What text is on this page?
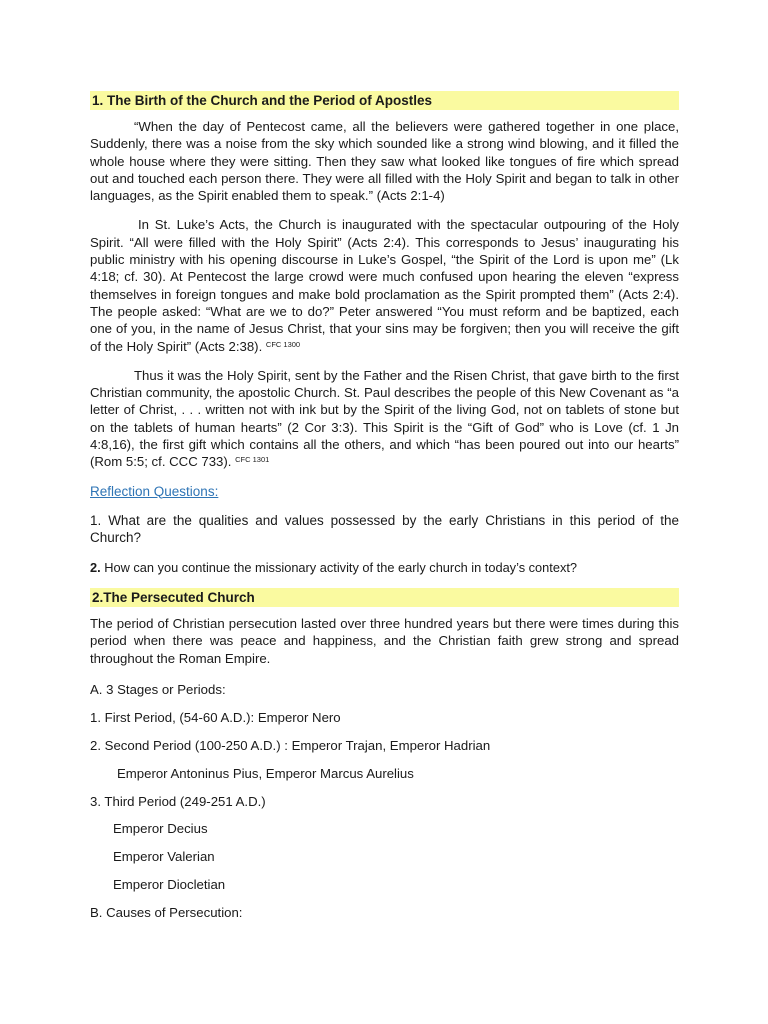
1. The Birth of the Church and the Period of Apostles

“When the day of Pentecost came, all the believers were gathered together in one place, Suddenly, there was a noise from the sky which sounded like a strong wind blowing, and it filled the whole house where they were sitting. Then they saw what looked like tongues of fire which spread out and touched each person there. They were all filled with the Holy Spirit and began to talk in other languages, as the Spirit enabled them to speak.” (Acts 2:1-4)

In St. Luke’s Acts, the Church is inaugurated with the spectacular outpouring of the Holy Spirit. “All were filled with the Holy Spirit” (Acts 2:4). This corresponds to Jesus’ inaugurating his public ministry with his opening discourse in Luke’s Gospel, “the Spirit of the Lord is upon me” (Lk 4:18; cf. 30). At Pentecost the large crowd were much confused upon hearing the eleven “express themselves in foreign tongues and make bold proclamation as the Spirit prompted them” (Acts 2:4). The people asked: “What are we to do?” Peter answered “You must reform and be baptized, each one of you, in the name of Jesus Christ, that your sins may be forgiven; then you will receive the gift of the Holy Spirit” (Acts 2:38). $^{CFC 1300}$

Thus it was the Holy Spirit, sent by the Father and the Risen Christ, that gave birth to the first Christian community, the apostolic Church. St. Paul describes the people of this New Covenant as “a letter of Christ, . . . written not with ink but by the Spirit of the living God, not on tablets of stone but on the tablets of human hearts” (2 Cor 3:3). This Spirit is the “Gift of God” who is Love (cf. 1 Jn 4:8,16), the first gift which contains all the others, and which “has been poured out into our hearts” (Rom 5:5; cf. CCC 733). $^{CFC 1301}$

Reflection Questions:

1. What are the qualities and values possessed by the early Christians in this period of the Church?

2. How can you continue the missionary activity of the early church in today’s context?

2.The Persecuted Church

The period of Christian persecution lasted over three hundred years but there were times during this period when there was peace and happiness, and the Christian faith grew strong and spread throughout the Roman Empire.

A. 3 Stages or Periods:

1. First Period, (54-60 A.D.): Emperor Nero

2. Second Period (100-250 A.D.) : Emperor Trajan, Emperor Hadrian

Emperor Antoninus Pius, Emperor Marcus Aurelius

3. Third Period (249-251 A.D.)

Emperor Decius

Emperor Valerian

Emperor Diocletian

B. Causes of Persecution:
